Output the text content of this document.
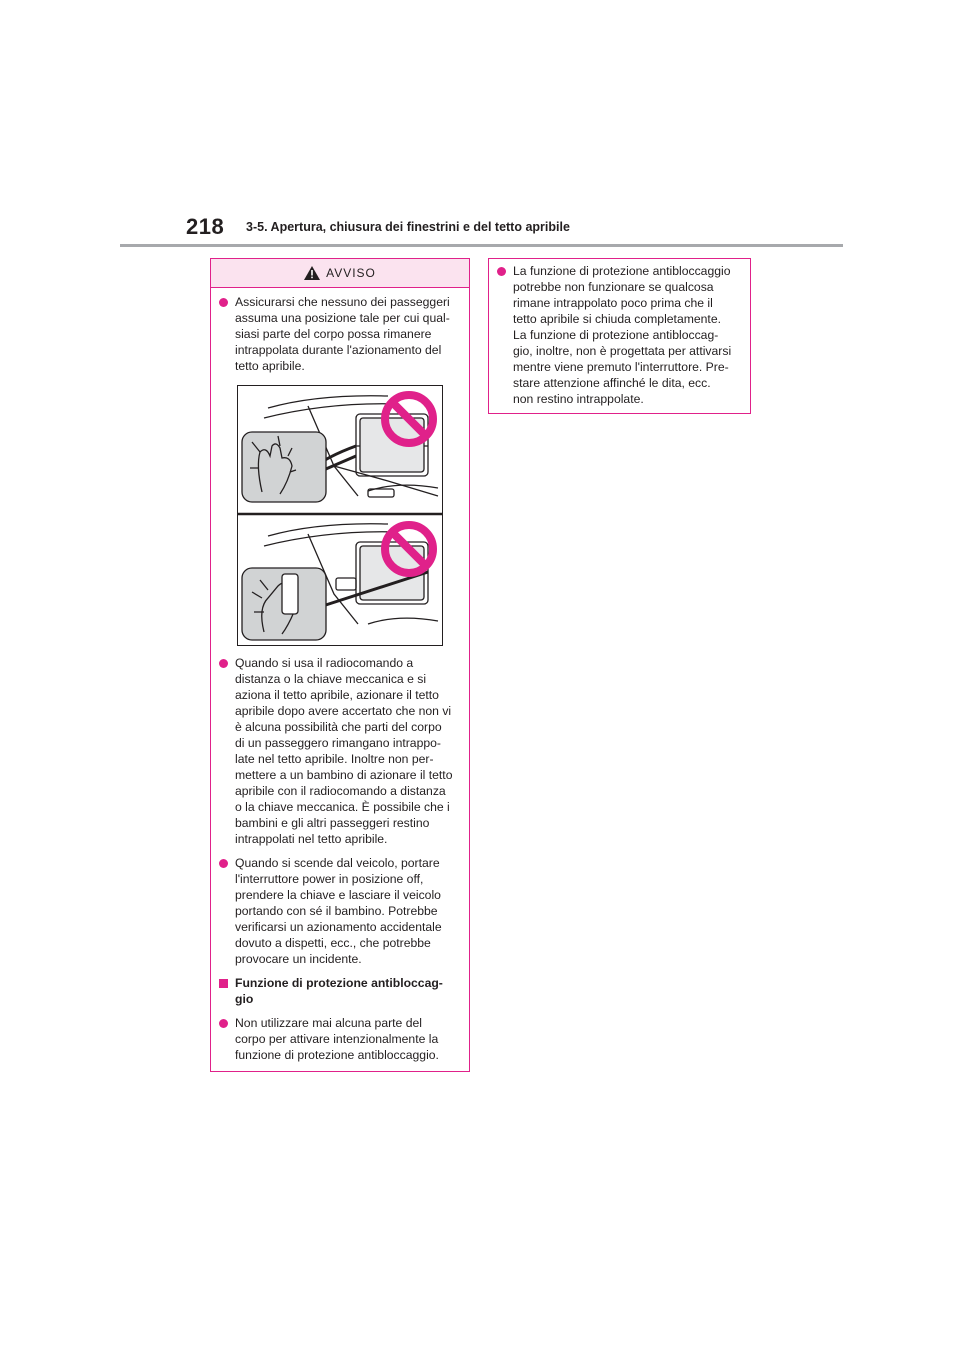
218 3-5. Apertura, chiusura dei finestrini e del tetto apribile
AVVISO
Assicurarsi che nessuno dei passeggeri
assuma una posizione tale per cui qual-
siasi parte del corpo possa rimanere
intrappolata durante l'azionamento del
tetto apribile.
Quando si usa il radiocomando a
distanza o la chiave meccanica e si
aziona il tetto apribile, azionare il tetto
apribile dopo avere accertato che non vi
è alcuna possibilità che parti del corpo
di un passeggero rimangano intrappo-
late nel tetto apribile. Inoltre non per-
mettere a un bambino di azionare il tetto
apribile con il radiocomando a distanza
o la chiave meccanica. È possibile che i
bambini e gli altri passeggeri restino
intrappolati nel tetto apribile.
Quando si scende dal veicolo, portare
l'interruttore power in posizione off,
prendere la chiave e lasciare il veicolo
portando con sé il bambino. Potrebbe
verificarsi un azionamento accidentale
dovuto a dispetti, ecc., che potrebbe
provocare un incidente.
Funzione di protezione antibloccag-
gio
Non utilizzare mai alcuna parte del
corpo per attivare intenzionalmente la
funzione di protezione antibloccaggio.
La funzione di protezione antibloccaggio
potrebbe non funzionare se qualcosa
rimane intrappolato poco prima che il
tetto apribile si chiuda completamente.
La funzione di protezione antibloccag-
gio, inoltre, non è progettata per attivarsi
mentre viene premuto l'interruttore. Pre-
stare attenzione affinché le dita, ecc.
non restino intrappolate.
